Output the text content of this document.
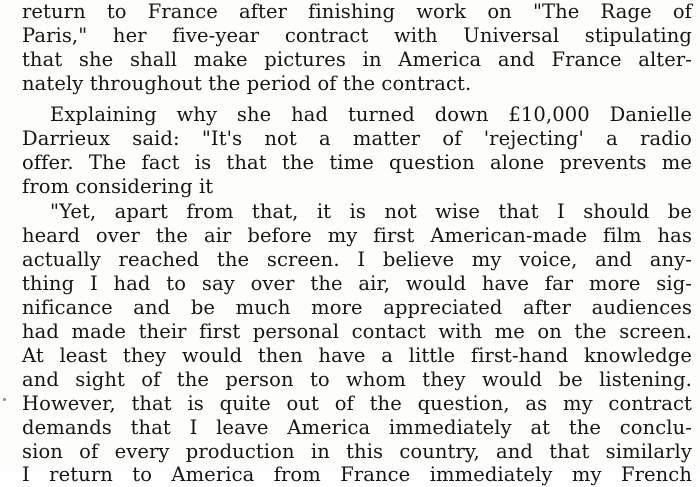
return to France after finishing work on "The Rage of
Paris," her five-year contract with Universal stipulating
that she shall make pictures in America and France alter-
nately throughout the period of the contract.
Explaining why she had turned down £10,000 Danielle
Darrieux said: "It's not a matter of 'rejecting' a radio
offer. The fact is that the time question alone prevents me
from considering it
"Yet, apart from that, it is not wise that I should be
heard over the air before my first American-made film has
actually reached the screen. I believe my voice, and any-
thing I had to say over the air, would have far more sig-
nificance and be much more appreciated after audiences
had made their first personal contact with me on the screen.
At least they would then have a little first-hand knowledge
and sight of the person to whom they would be listening.
However, that is quite out of the question, as my contract
demands that I leave America immediately at the conclu-
sion of every production in this country, and that similarly
I return to America from France immediately my French
